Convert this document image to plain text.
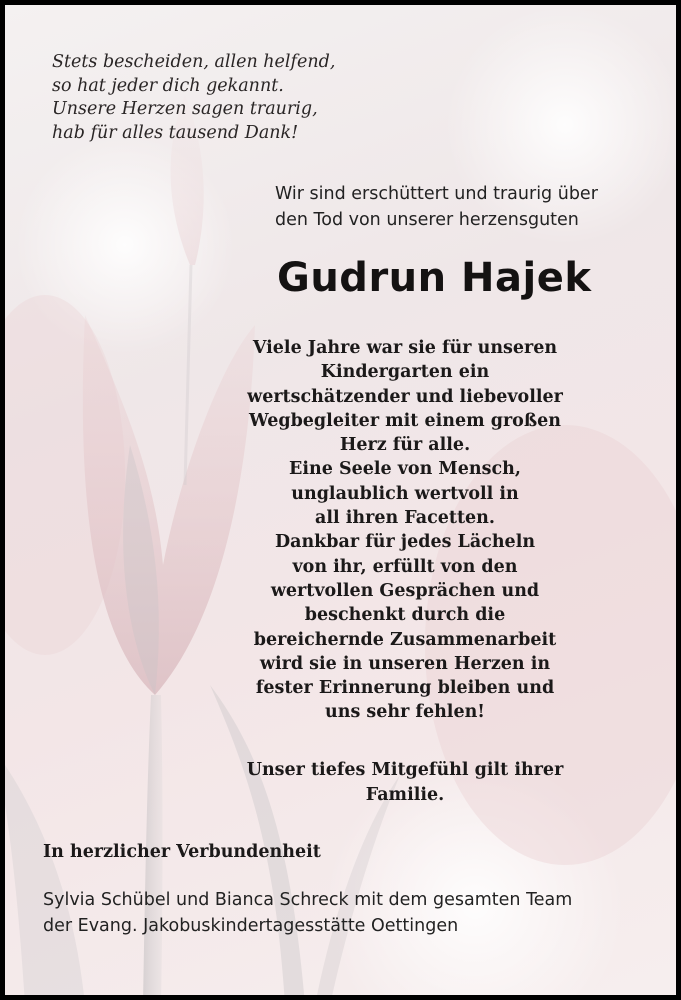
Stets bescheiden, allen helfend,
so hat jeder dich gekannt.
Unsere Herzen sagen traurig,
hab für alles tausend Dank!
Wir sind erschüttert und traurig über
den Tod von unserer herzensguten
Gudrun Hajek
Viele Jahre war sie für unseren
Kindergarten ein
wertschätzender und liebevoller
Wegbegleiter mit einem großen
Herz für alle.
Eine Seele von Mensch,
unglaublich wertvoll in
all ihren Facetten.
Dankbar für jedes Lächeln
von ihr, erfüllt von den
wertvollen Gesprächen und
beschenkt durch die
bereichernde Zusammenarbeit
wird sie in unseren Herzen in
fester Erinnerung bleiben und
uns sehr fehlen!
Unser tiefes Mitgefühl gilt ihrer
Familie.
In herzlicher Verbundenheit
Sylvia Schübel und Bianca Schreck mit dem gesamten Team
der Evang. Jakobuskindertagesstätte Oettingen
